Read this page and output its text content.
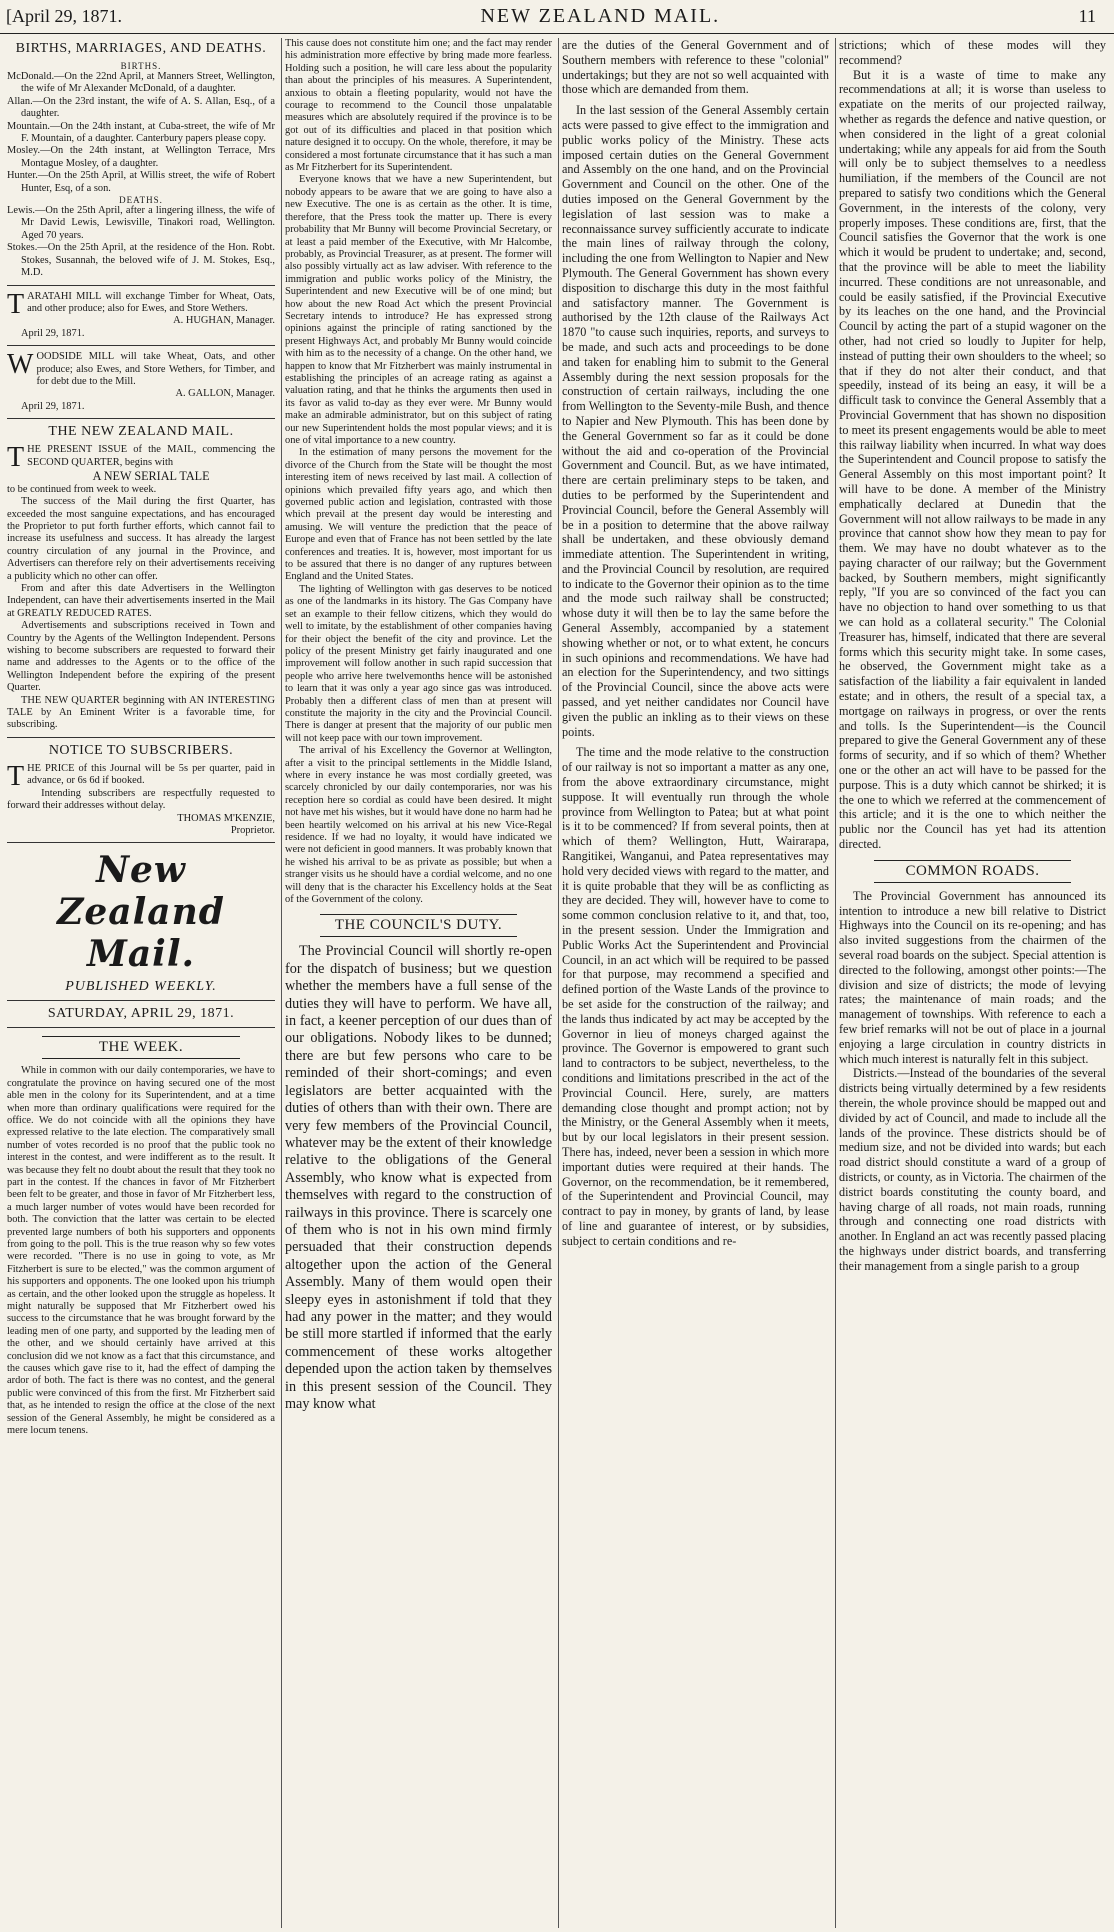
[April 29, 1871.	NEW ZEALAND MAIL.	11
BIRTHS, MARRIAGES, AND DEATHS.
BIRTHS.

McDonald.—On the 22nd April, at Manners Street, Wellington, the wife of Mr Alexander McDonald, of a daughter.

Allan.—On the 23rd instant, the wife of A. S. Allan, Esq., of a daughter.

Mountain.—On the 24th instant, at Cuba-street, the wife of Mr F. Mountain, of a daughter. Canterbury papers please copy.

Mosley.—On the 24th instant, at Wellington Terrace, Mrs Montague Mosley, of a daughter.

Hunter.—On the 25th April, at Willis street, the wife of Robert Hunter, Esq, of a son.

DEATHS.

Lewis.—On the 25th April, after a lingering illness, the wife of Mr David Lewis, Lewisville, Tinakori road, Wellington. Aged 70 years.

Stokes.—On the 25th April, at the residence of the Hon. Robt. Stokes, Susannah, the beloved wife of J. M. Stokes, Esq., M.D.

TARATAHI MILL will exchange Timber for Wheat, Oats, and other produce; also for Ewes, and Store Wethers.

A. HUGHAN, Manager.

April 29, 1871.

WOODSIDE MILL will take Wheat, Oats, and other produce; also Ewes, and Store Wethers, for Timber, and for debt due to the Mill.

A. GALLON, Manager.

April 29, 1871.

THE NEW ZEALAND MAIL.

THE PRESENT ISSUE of the MAIL, commencing the SECOND QUARTER, begins with

A NEW SERIAL TALE

to be continued from week to week.

The success of the Mail during the first Quarter, has exceeded the most sanguine expectations, and has encouraged the Proprietor to put forth further efforts, which cannot fail to increase its usefulness and success. It has already the largest country circulation of any journal in the Province, and Advertisers can therefore rely on their advertisements receiving a publicity which no other can offer.

From and after this date Advertisers in the Wellington Independent, can have their advertisements inserted in the Mail at GREATLY REDUCED RATES.

Advertisements and subscriptions received in Town and Country by the Agents of the Wellington Independent. Persons wishing to become subscribers are requested to forward their name and addresses to the Agents or to the office of the Wellington Independent before the expiring of the present Quarter.

THE NEW QUARTER beginning with AN INTERESTING TALE by An Eminent Writer is a favorable time, for subscribing.

NOTICE TO SUBSCRIBERS.

THE PRICE of this Journal will be 5s per quarter, paid in advance, or 6s 6d if booked.

Intending subscribers are respectfully requested to forward their addresses without delay.

THOMAS M'KENZIE,

Proprietor.

New Zealand Mail.
PUBLISHED WEEKLY.
SATURDAY, APRIL 29, 1871.
THE WEEK.

While in common with our daily contemporaries, we have to congratulate the province on having secured one of the most able men in the colony for its Superintendent, and at a time when more than ordinary qualifications were required for the office. We do not coincide with all the opinions they have expressed relative to the late election. The comparatively small number of votes recorded is no proof that the public took no interest in the contest, and were indifferent as to the result. It was because they felt no doubt about the result that they took no part in the contest. If the chances in favor of Mr Fitzherbert been felt to be greater, and those in favor of Mr Fitzherbert less, a much larger number of votes would have been recorded for both. The conviction that the latter was certain to be elected prevented large numbers of both his supporters and opponents from going to the poll. This is the true reason why so few votes were recorded. "There is no use in going to vote, as Mr Fitzherbert is sure to be elected," was the common argument of his supporters and opponents. The one looked upon his triumph as certain, and the other looked upon the struggle as hopeless. It might naturally be supposed that Mr Fitzherbert owed his success to the circumstance that he was brought forward by the leading men of one party, and supported by the leading men of the other, and we should certainly have arrived at this conclusion did we not know as a fact that this circumstance, and the causes which gave rise to it, had the effect of damping the ardor of both. The fact is there was no contest, and the general public were convinced of this from the first. Mr Fitzherbert said that, as he intended to resign the office at the close of the next session of the General Assembly, he might be considered as a mere locum tenens.

This cause does not constitute him one; and the fact may render his administration more effective by bring made more fearless. Holding such a position, he will care less about the popularity than about the principles of his measures. A Superintendent, anxious to obtain a fleeting popularity, would not have the courage to recommend to the Council those unpalatable measures which are absolutely required if the province is to be got out of its difficulties and placed in that position which nature designed it to occupy. On the whole, therefore, it may be considered a most fortunate circumstance that it has such a man as Mr Fitzherbert for its Superintendent.

Everyone knows that we have a new Superintendent, but nobody appears to be aware that we are going to have also a new Executive. The one is as certain as the other. It is time, therefore, that the Press took the matter up. There is every probability that Mr Bunny will become Provincial Secretary, or at least a paid member of the Executive, with Mr Halcombe, probably, as Provincial Treasurer, as at present. The former will also possibly virtually act as law adviser. With reference to the immigration and public works policy of the Ministry, the Superintendent and new Executive will be of one mind; but how about the new Road Act which the present Provincial Secretary intends to introduce? He has expressed strong opinions against the principle of rating sanctioned by the present Highways Act, and probably Mr Bunny would coincide with him as to the necessity of a change. On the other hand, we happen to know that Mr Fitzherbert was mainly instrumental in establishing the principles of an acreage rating as against a valuation rating, and that he thinks the arguments then used in its favor as valid to-day as they ever were. Mr Bunny would make an admirable administrator, but on this subject of rating our new Superintendent holds the most popular views; and it is one of vital importance to a new country.

In the estimation of many persons the movement for the divorce of the Church from the State will be thought the most interesting item of news received by last mail. A collection of opinions which prevailed fifty years ago, and which then governed public action and legislation, contrasted with those which prevail at the present day would be interesting and amusing. We will venture the prediction that the peace of Europe and even that of France has not been settled by the late conferences and treaties. It is, however, most important for us to be assured that there is no danger of any ruptures between England and the United States.

The lighting of Wellington with gas deserves to be noticed as one of the landmarks in its history. The Gas Company have set an example to their fellow citizens, which they would do well to imitate, by the establishment of other companies having for their object the benefit of the city and province. Let the policy of the present Ministry get fairly inaugurated and one improvement will follow another in such rapid succession that people who arrive here twelvemonths hence will be astonished to learn that it was only a year ago since gas was introduced. Probably then a different class of men than at present will constitute the majority in the city and the Provincial Council. There is danger at present that the majority of our public men will not keep pace with our town improvement.

The arrival of his Excellency the Governor at Wellington, after a visit to the principal settlements in the Middle Island, where in every instance he was most cordially greeted, was scarcely chronicled by our daily contemporaries, nor was his reception here so cordial as could have been desired. It might not have met his wishes, but it would have done no harm had he been heartily welcomed on his arrival at his new Vice-Regal residence. If we had no loyalty, it would have indicated we were not deficient in good manners. It was probably known that he wished his arrival to be as private as possible; but when a stranger visits us he should have a cordial welcome, and no one will deny that is the character his Excellency holds at the Seat of the Government of the colony.

THE COUNCIL'S DUTY.

The Provincial Council will shortly re-open for the dispatch of business; but we question whether the members have a full sense of the duties they will have to perform. We have all, in fact, a keener perception of our dues than of our obligations. Nobody likes to be dunned; there are but few persons who care to be reminded of their short-comings; and even legislators are better acquainted with the duties of others than with their own. There are very few members of the Provincial Council, whatever may be the extent of their knowledge relative to the obligations of the General Assembly, who know what is expected from themselves with regard to the construction of railways in this province. There is scarcely one of them who is not in his own mind firmly persuaded that their construction depends altogether upon the action of the General Assembly. Many of them would open their sleepy eyes in astonishment if told that they had any power in the matter; and they would be still more startled if informed that the early commencement of these works altogether depended upon the action taken by themselves in this present session of the Council. They may know what

are the duties of the General Government and of Southern members with reference to these "colonial" undertakings; but they are not so well acquainted with those which are demanded from them.

In the last session of the General Assembly certain acts were passed to give effect to the immigration and public works policy of the Ministry. These acts imposed certain duties on the General Government and Assembly on the one hand, and on the Provincial Government and Council on the other. One of the duties imposed on the General Government by the legislation of last session was to make a reconnaissance survey sufficiently accurate to indicate the main lines of railway through the colony, including the one from Wellington to Napier and New Plymouth. The General Government has shown every disposition to discharge this duty in the most faithful and satisfactory manner. The Government is authorised by the 12th clause of the Railways Act 1870 "to cause such inquiries, reports, and surveys to be made, and such acts and proceedings to be done and taken for enabling him to submit to the General Assembly during the next session proposals for the construction of certain railways, including the one from Wellington to the Seventy-mile Bush, and thence to Napier and New Plymouth. This has been done by the General Government so far as it could be done without the aid and co-operation of the Provincial Government and Council. But, as we have intimated, there are certain preliminary steps to be taken, and duties to be performed by the Superintendent and Provincial Council, before the General Assembly will be in a position to determine that the above railway shall be undertaken, and these obviously demand immediate attention. The Superintendent in writing, and the Provincial Council by resolution, are required to indicate to the Governor their opinion as to the time and the mode such railway shall be constructed; whose duty it will then be to lay the same before the General Assembly, accompanied by a statement showing whether or not, or to what extent, he concurs in such opinions and recommendations. We have had an election for the Superintendency, and two sittings of the Provincial Council, since the above acts were passed, and yet neither candidates nor Council have given the public an inkling as to their views on these points.

The time and the mode relative to the construction of our railway is not so important a matter as any one, from the above extraordinary circumstance, might suppose. It will eventually run through the whole province from Wellington to Patea; but at what point is it to be commenced? If from several points, then at which of them? Wellington, Hutt, Wairarapa, Rangitikei, Wanganui, and Patea representatives may hold very decided views with regard to the matter, and it is quite probable that they will be as conflicting as they are decided. They will, however have to come to some common conclusion relative to it, and that, too, in the present session. Under the Immigration and Public Works Act the Superintendent and Provincial Council, in an act which will be required to be passed for that purpose, may recommend a specified and defined portion of the Waste Lands of the province to be set aside for the construction of the railway; and the lands thus indicated by act may be accepted by the Governor in lieu of moneys charged against the province. The Governor is empowered to grant such land to contractors to be subject, nevertheless, to the conditions and limitations prescribed in the act of the Provincial Council. Here, surely, are matters demanding close thought and prompt action; not by the Ministry, or the General Assembly when it meets, but by our local legislators in their present session. There has, indeed, never been a session in which more important duties were required at their hands. The Governor, on the recommendation, be it remembered, of the Superintendent and Provincial Council, may contract to pay in money, by grants of land, by lease of line and guarantee of interest, or by subsidies, subject to certain conditions and re-

strictions; which of these modes will they recommend?

But it is a waste of time to make any recommendations at all; it is worse than useless to expatiate on the merits of our projected railway, whether as regards the defence and native question, or when considered in the light of a great colonial undertaking; while any appeals for aid from the South will only be to subject themselves to a needless humiliation, if the members of the Council are not prepared to satisfy two conditions which the General Government, in the interests of the colony, very properly imposes. These conditions are, first, that the Council satisfies the Governor that the work is one which it would be prudent to undertake; and, second, that the province will be able to meet the liability incurred. These conditions are not unreasonable, and could be easily satisfied, if the Provincial Executive by its leaches on the one hand, and the Provincial Council by acting the part of a stupid wagoner on the other, had not cried so loudly to Jupiter for help, instead of putting their own shoulders to the wheel; so that if they do not alter their conduct, and that speedily, instead of its being an easy, it will be a difficult task to convince the General Assembly that a Provincial Government that has shown no disposition to meet its present engagements would be able to meet this railway liability when incurred. In what way does the Superintendent and Council propose to satisfy the General Assembly on this most important point? It will have to be done. A member of the Ministry emphatically declared at Dunedin that the Government will not allow railways to be made in any province that cannot show how they mean to pay for them. We may have no doubt whatever as to the paying character of our railway; but the Government backed, by Southern members, might significantly reply, "If you are so convinced of the fact you can have no objection to hand over something to us that we can hold as a collateral security." The Colonial Treasurer has, himself, indicated that there are several forms which this security might take. In some cases, he observed, the Government might take as a satisfaction of the liability a fair equivalent in landed estate; and in others, the result of a special tax, a mortgage on railways in progress, or over the rents and tolls. Is the Superintendent—is the Council prepared to give the General Government any of these forms of security, and if so which of them? Whether one or the other an act will have to be passed for the purpose. This is a duty which cannot be shirked; it is the one to which we referred at the commencement of this article; and it is the one to which neither the public nor the Council has yet had its attention directed.

COMMON ROADS.

The Provincial Government has announced its intention to introduce a new bill relative to District Highways into the Council on its re-opening; and has also invited suggestions from the chairmen of the several road boards on the subject. Special attention is directed to the following, amongst other points:—The division and size of districts; the mode of levying rates; the maintenance of main roads; and the management of townships. With reference to each a few brief remarks will not be out of place in a journal enjoying a large circulation in country districts in which much interest is naturally felt in this subject.

Districts.—Instead of the boundaries of the several districts being virtually determined by a few residents therein, the whole province should be mapped out and divided by act of Council, and made to include all the lands of the province. These districts should be of medium size, and not be divided into wards; but each road district should constitute a ward of a group of districts, or county, as in Victoria. The chairmen of the district boards constituting the county board, and having charge of all roads, not main roads, running through and connecting one road districts with another. In England an act was recently passed placing the highways under district boards, and transferring their management from a single parish to a group
